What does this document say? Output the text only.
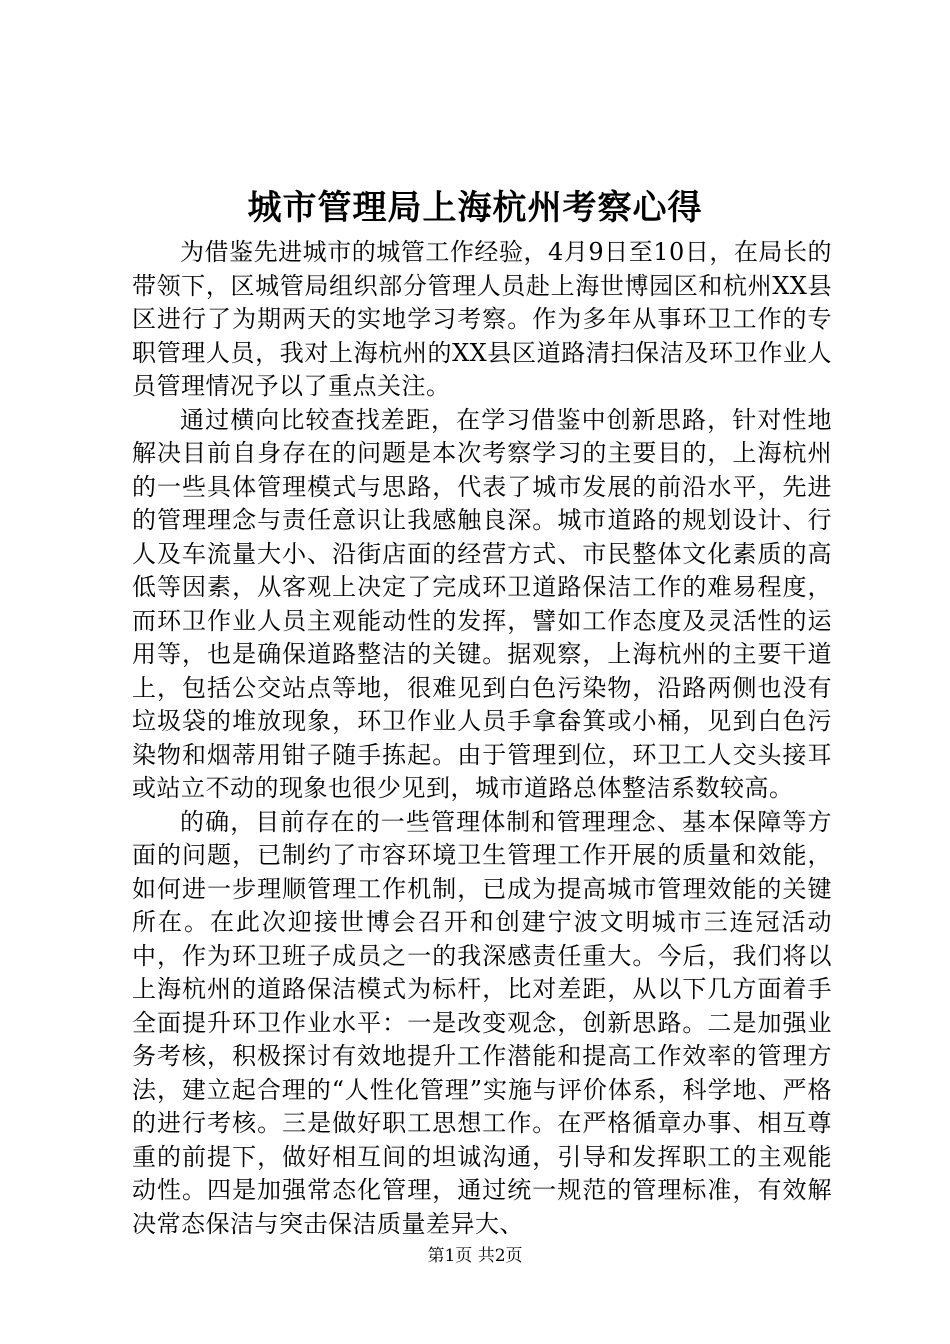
城市管理局上海杭州考察心得

为借鉴先进城市的城管工作经验，4月9日至10日，在局长的带领下，区城管局组织部分管理人员赴上海世博园区和杭州XX县区进行了为期两天的实地学习考察。作为多年从事环卫工作的专职管理人员，我对上海杭州的XX县区道路清扫保洁及环卫作业人员管理情况予以了重点关注。

通过横向比较查找差距，在学习借鉴中创新思路，针对性地解决目前自身存在的问题是本次考察学习的主要目的，上海杭州的一些具体管理模式与思路，代表了城市发展的前沿水平，先进的管理理念与责任意识让我感触良深。城市道路的规划设计、行人及车流量大小、沿街店面的经营方式、市民整体文化素质的高低等因素，从客观上决定了完成环卫道路保洁工作的难易程度，而环卫作业人员主观能动性的发挥，譬如工作态度及灵活性的运用等，也是确保道路整洁的关键。据观察，上海杭州的主要干道上，包括公交站点等地，很难见到白色污染物，沿路两侧也没有垃圾袋的堆放现象，环卫作业人员手拿畚箕或小桶，见到白色污染物和烟蒂用钳子随手拣起。由于管理到位，环卫工人交头接耳或站立不动的现象也很少见到，城市道路总体整洁系数较高。

的确，目前存在的一些管理体制和管理理念、基本保障等方面的问题，已制约了市容环境卫生管理工作开展的质量和效能，如何进一步理顺管理工作机制，已成为提高城市管理效能的关键所在。在此次迎接世博会召开和创建宁波文明城市三连冠活动中，作为环卫班子成员之一的我深感责任重大。今后，我们将以上海杭州的道路保洁模式为标杆，比对差距，从以下几方面着手全面提升环卫作业水平：一是改变观念，创新思路。二是加强业务考核，积极探讨有效地提升工作潜能和提高工作效率的管理方法，建立起合理的“人性化管理”实施与评价体系，科学地、严格的进行考核。三是做好职工思想工作。在严格循章办事、相互尊重的前提下，做好相互间的坦诚沟通，引导和发挥职工的主观能动性。四是加强常态化管理，通过统一规范的管理标准，有效解决常态保洁与突击保洁质量差异大、

第1页 共2页
